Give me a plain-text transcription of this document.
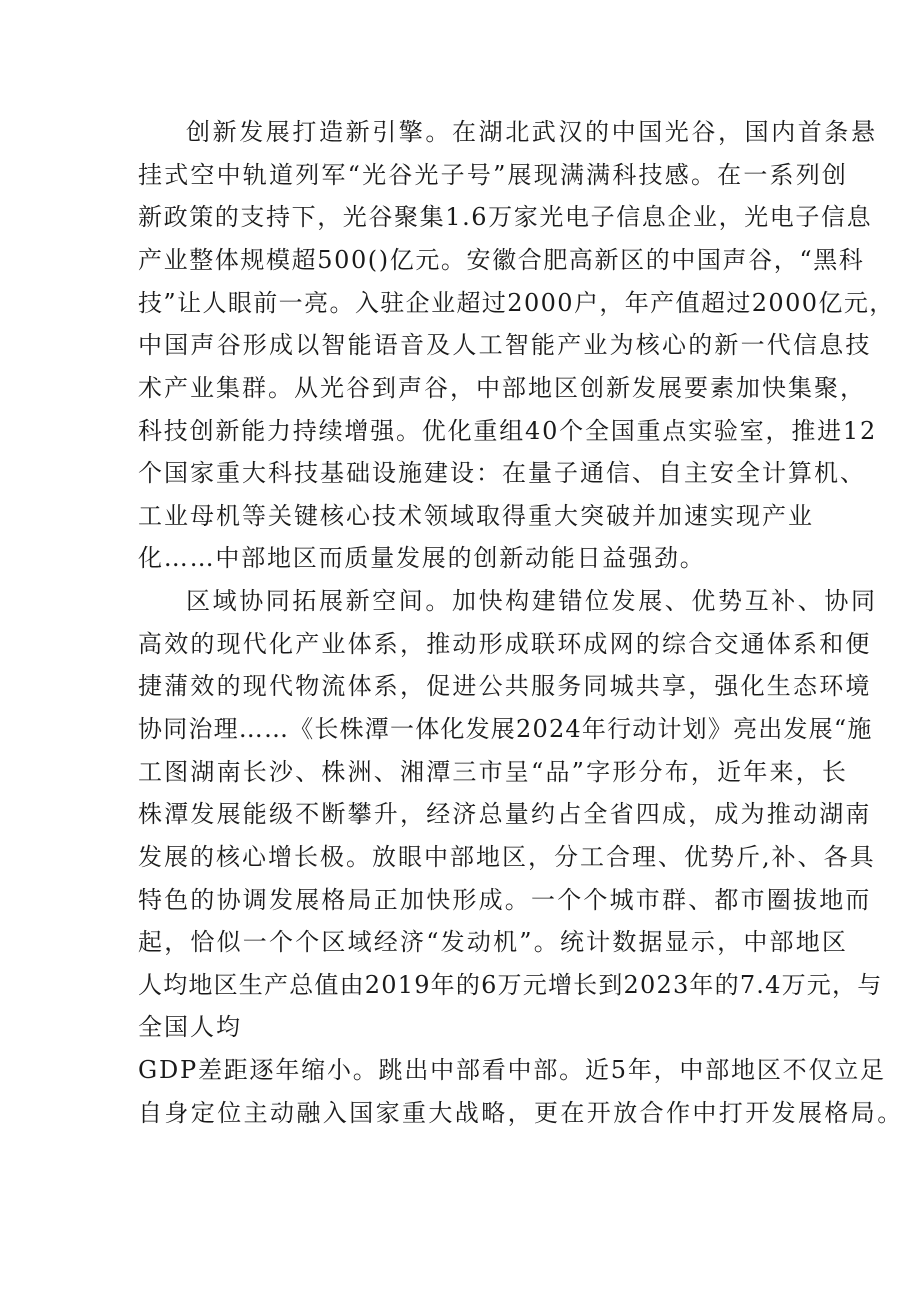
创新发展打造新引擎。在湖北武汉的中国光谷，国内首条悬
挂式空中轨道列军“光谷光子号”展现满满科技感。在一系列创
新政策的支持下，光谷聚集1.6万家光电子信息企业，光电子信息
产业整体规模超500()亿元。安徽合肥高新区的中国声谷，“黑科
技”让人眼前一亮。入驻企业超过2000户，年产值超过2000亿元，
中国声谷形成以智能语音及人工智能产业为核心的新一代信息技
术产业集群。从光谷到声谷，中部地区创新发展要素加快集聚，
科技创新能力持续增强。优化重组40个全国重点实验室，推进12
个国家重大科技基础设施建设：在量子通信、自主安全计算机、
工业母机等关键核心技术领域取得重大突破并加速实现产业
化……中部地区而质量发展的创新动能日益强劲。
区域协同拓展新空间。加快构建错位发展、优势互补、协同
高效的现代化产业体系，推动形成联环成网的综合交通体系和便
捷蒲效的现代物流体系，促进公共服务同城共享，强化生态环境
协同治理……《长株潭一体化发展2024年行动计划》亮出发展“施
工图湖南长沙、株洲、湘潭三市呈“品”字形分布，近年来，长
株潭发展能级不断攀升，经济总量约占全省四成，成为推动湖南
发展的核心增长极。放眼中部地区，分工合理、优势斤,补、各具
特色的协调发展格局正加快形成。一个个城市群、都市圈拔地而
起，恰似一个个区域经济“发动机”。统计数据显示，中部地区
人均地区生产总值由2019年的6万元增长到2023年的7.4万元，与
全国人均
GDP差距逐年缩小。跳出中部看中部。近5年，中部地区不仅立足
自身定位主动融入国家重大战略，更在开放合作中打开发展格局。
